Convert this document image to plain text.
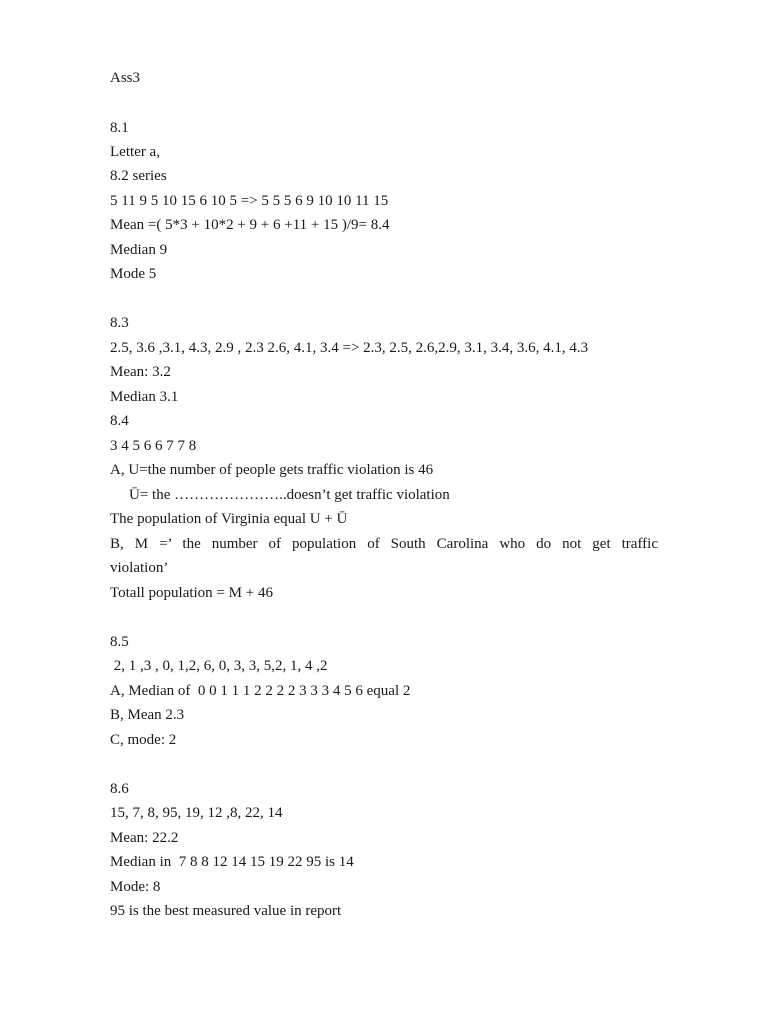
Ass3
8.1
Letter a,
8.2 series
5 11 9 5 10 15 6 10 5 => 5 5 5 6 9 10 10 11 15
Mean =( 5*3 + 10*2 + 9 + 6 +11 + 15 )/9= 8.4
Median 9
Mode 5
8.3
2.5, 3.6 ,3.1, 4.3, 2.9 , 2.3 2.6, 4.1, 3.4 => 2.3, 2.5, 2.6,2.9, 3.1, 3.4, 3.6, 4.1, 4.3
Mean: 3.2
Median 3.1
8.4
3 4 5 6 6 7 7 8
A, U=the number of people gets traffic violation is 46
Ū= the …………………..doesn’t get traffic violation
The population of Virginia equal U + Ū
B, M =’ the number of population of South Carolina who do not get traffic
violation’
Totall population = M + 46
8.5
2, 1 ,3 , 0, 1,2, 6, 0, 3, 3, 5,2, 1, 4 ,2
A, Median of  0 0 1 1 1 2 2 2 2 3 3 3 4 5 6 equal 2
B, Mean 2.3
C, mode: 2
8.6
15, 7, 8, 95, 19, 12 ,8, 22, 14
Mean: 22.2
Median in  7 8 8 12 14 15 19 22 95 is 14
Mode: 8
95 is the best measured value in report
